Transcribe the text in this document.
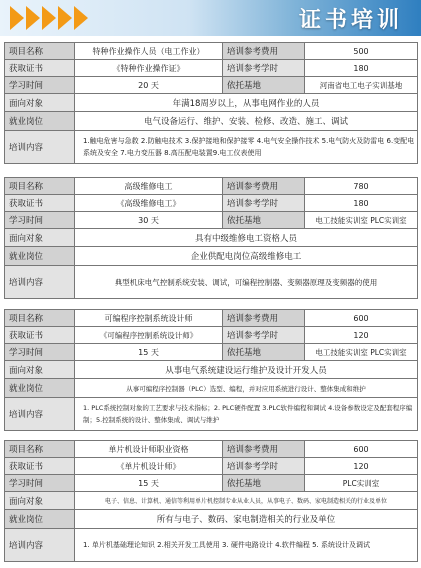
证书培训
项目名称	特种作业操作人员（电工作业）	培训参考费用	500
获取证书	《特种作业操作证》	培训参考学时	180
学习时间	20 天	依托基地	河南省电工电子实训基地
面向对象	年满18周岁以上，从事电网作业的人员		
就业岗位	电气设备运行、维护、安装、检修、改造、施工、调试		
培训内容	1.触电危害与急救 2.防触电技术 3.保护接地和保护接零 4.电气安全操作技术 5.电气防火及防雷电 6.变配电系统及安全 7.电力变压器 8.高压配电装置9.电工仪表使用		
项目名称	高级维修电工	培训参考费用	780
获取证书	《高级维修电工》	培训参考学时	180
学习时间	30 天	依托基地	电工技能实训室 PLC实训室
面向对象	具有中级维修电工资格人员		
就业岗位	企业供配电岗位高级维修电工		
培训内容	典型机床电气控制系统安装、调试，可编程控制器、变频器原理及变频器的使用		
项目名称	可编程序控制系统设计师	培训参考费用	600
获取证书	《可编程序控制系统设计师》	培训参考学时	120
学习时间	15 天	依托基地	电工技能实训室 PLC实训室
面向对象	从事电气系统建设运行维护及设计开发人员		
就业岗位	从事可编程序控制器（PLC）选型、编程，并对应用系统进行设计、整体集成和维护		
培训内容	1. PLC系统控制对象的工艺要求与技术指标；2. PLC硬件配置 3.PLC软件编程和调试 4.设备参数设定及配套程序编制；5.控制系统的设计、整体集成、调试与维护		
项目名称	单片机设计师职业资格	培训参考费用	600
获取证书	《单片机设计师》	培训参考学时	120
学习时间	15 天	依托基地	PLC实训室
面向对象	电子、信息、计算机、通信等利用单片机控制专业从业人员，从事电子、数码、家电制造相关的行业及单位		
就业岗位	所有与电子、数码、家电制造相关的行业及单位		
培训内容	1. 单片机基础理论知识 2.相关开发工具使用 3. 硬件电路设计 4.软件编程 5. 系统设计及调试		
